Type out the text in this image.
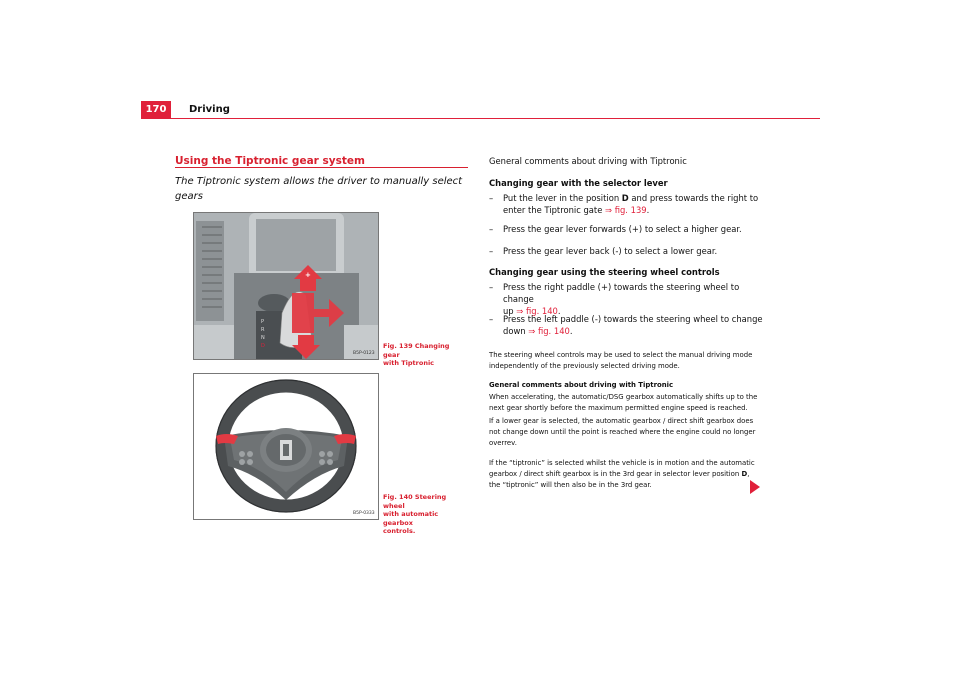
170	Driving
Using the Tiptronic gear system
The Tiptronic system allows the driver to manually select gears
P
R
N
D
+
B5P-0123
Fig. 139 Changing gear
with Tiptronic
B5P-0333
Fig. 140 Steering wheel
with automatic gearbox
controls.
General comments about driving with Tiptronic
Changing gear with the selector lever
–	Put the lever in the position D and press towards the right to
enter the Tiptronic gate ⇒ fig. 139.
–	Press the gear lever forwards (+) to select a higher gear.
–	Press the gear lever back (-) to select a lower gear.
Changing gear using the steering wheel controls
–	Press the right paddle (+) towards the steering wheel to change
up ⇒ fig. 140.
–	Press the left paddle (-) towards the steering wheel to change
down ⇒ fig. 140.
The steering wheel controls may be used to select the manual driving mode
independently of the previously selected driving mode.
General comments about driving with Tiptronic
When accelerating, the automatic/DSG gearbox automatically shifts up to the
next gear shortly before the maximum permitted engine speed is reached.
If a lower gear is selected, the automatic gearbox / direct shift gearbox does
not change down until the point is reached where the engine could no longer
overrev.
If the “tiptronic” is selected whilst the vehicle is in motion and the automatic
gearbox / direct shift gearbox is in the 3rd gear in selector lever position D,
the “tiptronic” will then also be in the 3rd gear.
